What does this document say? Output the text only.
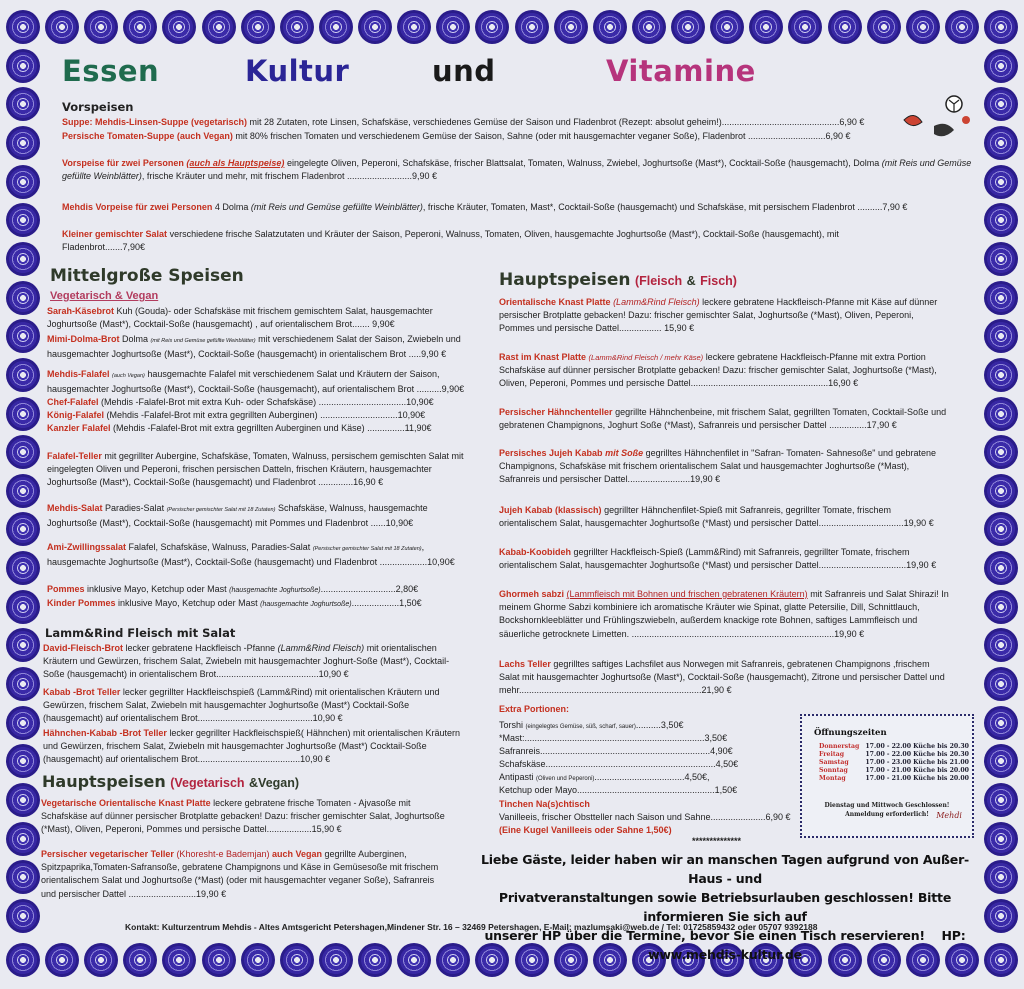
Essen	Kultur	und	Vitamine
Vorspeisen
Suppe: Mehdis-Linsen-Suppe (vegetarisch) mit 28 Zutaten, rote Linsen, Schafskäse, verschiedenes Gemüse der Saison und Fladenbrot (Rezept: absolut geheim!)...............................................6,90 €
Persische Tomaten-Suppe (auch Vegan) mit 80% frischen Tomaten und verschiedenem Gemüse der Saison, Sahne (oder mit hausgemachter veganer Soße), Fladenbrot ...............................6,90 €
Vorspeise für zwei Personen (auch als Hauptspeise) eingelegte Oliven, Peperoni, Schafskäse, frischer Blattsalat, Tomaten, Walnuss, Zwiebel, Joghurtsoße (Mast*), Cocktail-Soße (hausgemacht), Dolma (mit Reis und Gemüse gefüllte Weinblätter), frische Kräuter und mehr, mit frischem Fladenbrot ..........................9,90 €
Mehdis Vorpeise für zwei Personen 4 Dolma (mit Reis und Gemüse gefüllte Weinblätter), frische Kräuter, Tomaten, Mast*, Cocktail-Soße (hausgemacht) und Schafskäse, mit persischem Fladenbrot ..........7,90 €
Kleiner gemischter Salat verschiedene frische Salatzutaten und Kräuter der Saison, Peperoni, Walnuss, Tomaten, Oliven, hausgemachte Joghurtsoße (Mast*), Cocktail-Soße (hausgemacht), mit Fladenbrot.......7,90€
Mittelgroße Speisen
Vegetarisch & Vegan
Sarah-Käsebrot Kuh (Gouda)- oder Schafskäse mit frischem gemischtem Salat, hausgemachter Joghurtsoße (Mast*), Cocktail-Soße (hausgemacht) , auf orientalischem Brot....... 9,90€
Mimi-Dolma-Brot Dolma (mit Reis und Gemüse gefüllte Weinblätter) mit verschiedenem Salat der Saison, Zwiebeln und hausgemachter Joghurtsoße (Mast*), Cocktail-Soße (hausgemacht) in orientalischem Brot .....9,90 €
Mehdis-Falafel (auch Vegan) hausgemachte Falafel mit verschiedenem Salat und Kräutern der Saison, hausgemachter Joghurtsoße (Mast*), Cocktail-Soße (hausgemacht), auf orientalischem Brot ..........9,90€
Chef-Falafel (Mehdis -Falafel-Brot mit extra Kuh- oder Schafskäse) ...................................10,90€
König-Falafel (Mehdis -Falafel-Brot mit extra gegrillten Auberginen) ...............................10,90€
Kanzler Falafel (Mehdis -Falafel-Brot mit extra gegrillten Auberginen und Käse) ...............11,90€
Falafel-Teller mit gegrillter Aubergine, Schafskäse, Tomaten, Walnuss, persischem gemischten Salat mit eingelegten Oliven und Peperoni, frischen persischen Datteln, frischen Kräutern, hausgemachter Joghurtsoße (Mast*), Cocktail-Soße (hausgemacht) und Fladenbrot ..............16,90 €
Mehdis-Salat Paradies-Salat (Persischer gemischter Salat mit 18 Zutaten) Schafskäse, Walnuss, hausgemachte Joghurtsoße (Mast*), Cocktail-Soße (hausgemacht) mit Pommes und Fladenbrot ......10,90€
Ami-Zwillingssalat Falafel, Schafskäse, Walnuss, Paradies-Salat (Persischer gemischter Salat mit 18 Zutaten), hausgemachte Joghurtsoße (Mast*), Cocktail-Soße (hausgemacht) und Fladenbrot ...................10,90€
Pommes inklusive Mayo, Ketchup oder Mast (hausgemachte Joghurtsoße)..............................2,80€
Kinder Pommes inklusive Mayo, Ketchup oder Mast (hausgemachte Joghurtsoße)...................1,50€
Lamm&Rind Fleisch mit Salat
David-Fleisch-Brot lecker gebratene Hackfleisch -Pfanne (Lamm&Rind Fleisch) mit orientalischen Kräutern und Gewürzen, frischem Salat, Zwiebeln mit hausgemachter Joghurt-Soße (Mast*), Cocktail-Soße (hausgemacht) in orientalischem Brot.........................................10,90 €
Kabab -Brot Teller lecker gegrillter Hackfleischspieß (Lamm&Rind) mit orientalischen Kräutern und Gewürzen, frischem Salat, Zwiebeln mit hausgemachter Joghurtsoße (Mast*) Cocktail-Soße (hausgemacht) auf orientalischem Brot..............................................10,90 €
Hähnchen-Kabab -Brot Teller lecker gegrillter Hackfleischspieß( Hähnchen) mit orientalischen Kräutern und Gewürzen, frischem Salat, Zwiebeln mit hausgemachter Joghurtsoße (Mast*) Cocktail-Soße (hausgemacht) auf orientalischem Brot.........................................10,90 €
Hauptspeisen (Vegetarisch &Vegan)
Vegetarische Orientalische Knast Platte leckere gebratene frische Tomaten - Ajvasoße mit Schafskäse auf dünner persischer Brotplatte gebacken! Dazu: frischer gemischter Salat, Joghurtsoße (*Mast), Oliven, Peperoni, Pommes und persische Dattel..................15,90 €
Persischer vegetarischer Teller (Khoresht-e Bademjan) auch Vegan gegrillte Auberginen, Spitzpaprika,Tomaten-Safransoße, gebratene Champignons und Käse in Gemüsesoße mit frischem orientalischem Salat und Joghurtsoße (*Mast) (oder mit hausgemachter veganer Soße), Safranreis und persischer Dattel ...........................19,90 €
Hauptspeisen (Fleisch & Fisch)
Orientalische Knast Platte (Lamm&Rind Fleisch) leckere gebratene Hackfleisch-Pfanne mit Käse auf dünner persischer Brotplatte gebacken! Dazu: frischer gemischter Salat, Joghurtsoße (*Mast), Oliven, Peperoni, Pommes und persische Dattel................. 15,90 €
Rast im Knast Platte (Lamm&Rind Fleisch / mehr Käse) leckere gebratene Hackfleisch-Pfanne mit extra Portion Schafskäse auf dünner persischer Brotplatte gebacken! Dazu: frischer gemischter Salat, Joghurtsoße (*Mast), Oliven, Peperoni, Pommes und persische Dattel.......................................................16,90 €
Persischer Hähnchenteller gegrillte Hähnchenbeine, mit frischem Salat, gegrillten Tomaten, Cocktail-Soße und gebratenen Champignons, Joghurt Soße (*Mast), Safranreis und persischer Dattel ...............17,90 €
Persisches Jujeh Kabab mit Soße gegrilltes Hähnchenfilet in "Safran- Tomaten- Sahnesoße" und gebratene Champignons, Schafskäse mit frischem orientalischem Salat und hausgemachter Joghurtsoße (*Mast), Safranreis und persischer Dattel.........................19,90 €
Jujeh Kabab (klassisch) gegrillter Hähnchenfilet-Spieß mit Safranreis, gegrillter Tomate, frischem orientalischem Salat, hausgemachter Joghurtsoße (*Mast) und persischer Dattel..................................19,90 €
Kabab-Koobideh gegrillter Hackfleisch-Spieß (Lamm&Rind) mit Safranreis, gegrillter Tomate, frischem orientalischem Salat, hausgemachter Joghurtsoße (*Mast) und persischer Dattel...................................19,90 €
Ghormeh sabzi (Lammfleisch mit Bohnen und frischen gebratenen Kräutern) mit Safranreis und Salat Shirazi! In meinem Ghorme Sabzi kombiniere ich aromatische Kräuter wie Spinat, glatte Petersilie, Dill, Schnittlauch, Bockshornkleeblätter und Frühlingszwiebeln, außerdem knackige rote Bohnen, saftiges Lammfleisch und säuerliche getrocknete Limetten. .................................................................................19,90 €
Lachs Teller gegrilltes saftiges Lachsfilet aus Norwegen mit Safranreis, gebratenen Champignons ,frischem Salat mit hausgemachter Joghurtsoße (Mast*), Cocktail-Soße (hausgemacht), Zitrone und persischer Dattel und mehr.........................................................................21,90 €
Extra Portionen:
Torshi (eingelegtes Gemüse, süß, scharf, sauer)..........3,50€
*Mast:........................................................................3,50€
Safranreis....................................................................4,90€
Schafskäse....................................................................4,50€
Antipasti (Oliven und Peperoni)....................................4,50€,
Ketchup oder Mayo.......................................................1,50€
Tinchen Na(s)chtisch
Vanilleeis, frischer Obstteller nach Saison und Sahne......................6,90 €
(Eine Kugel Vanilleeis oder Sahne 1,50€)
Öffnungszeiten
Donnerstag	17.00 - 22.00 Küche bis 20.30
Freitag	17.00 - 22.00 Küche bis 20.30
Samstag	17.00 - 23.00 Küche bis 21.00
Sonntag	17.00 - 21.00 Küche bis 20.00
Montag	17.00 - 21.00 Küche bis 20.00
Dienstag und Mittwoch Geschlossen!
Anmeldung erforderlich! Mehdi
**************
Liebe Gäste, leider haben wir an manschen Tagen aufgrund von Außer-Haus - und
Privatveranstaltungen sowie Betriebsurlauben geschlossen! Bitte informieren Sie sich auf
unserer HP über die Termine, bevor Sie einen Tisch reservieren! HP: www.mehdis-kultur.de
Kontakt: Kulturzentrum Mehdis - Altes Amtsgericht Petershagen,Mindener Str. 16 – 32469 Petershagen, E-Mail: mazlumsaki@web.de / Tel: 01725859432 oder 05707 9392188
